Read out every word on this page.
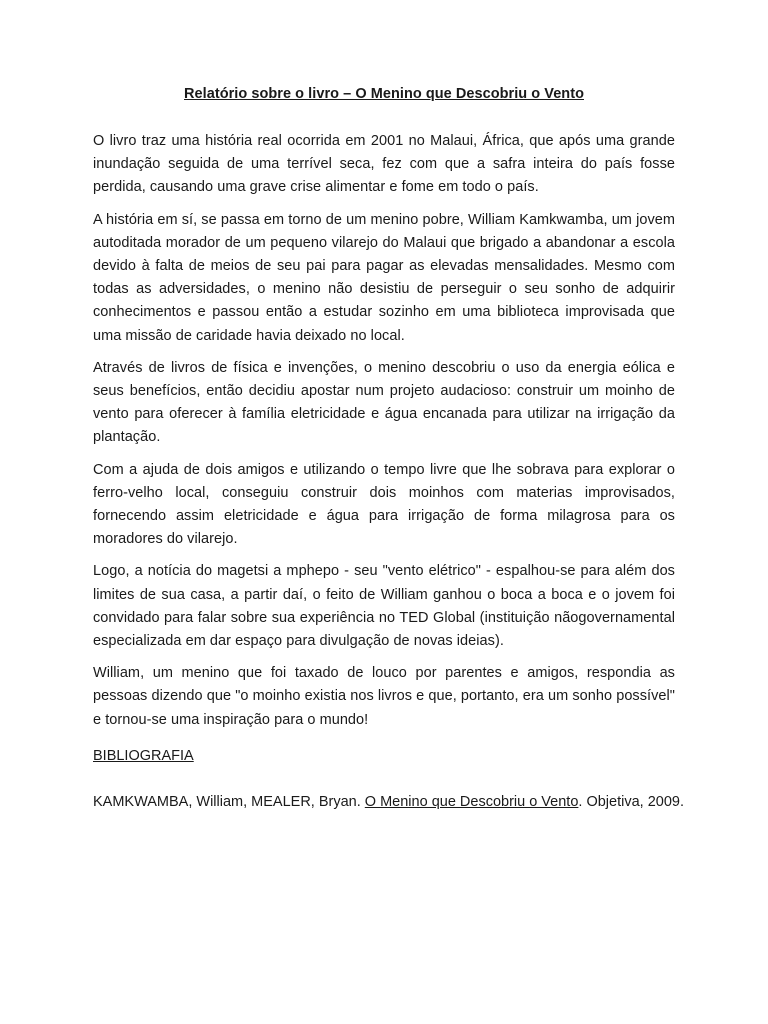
Relatório sobre o livro – O Menino que Descobriu o Vento

O livro traz uma história real ocorrida em 2001 no Malaui, África, que após uma grande inundação seguida de uma terrível seca, fez com que a safra inteira do país fosse perdida, causando uma grave crise alimentar e fome em todo o país.

A história em sí, se passa em torno de um menino pobre, William Kamkwamba, um jovem autoditada morador de um pequeno vilarejo do Malaui que brigado a abandonar a escola devido à falta de meios de seu pai para pagar as elevadas mensalidades. Mesmo com todas as adversidades, o menino não desistiu de perseguir o seu sonho de adquirir conhecimentos e passou então a estudar sozinho em uma biblioteca improvisada que uma missão de caridade havia deixado no local.

Através de livros de física e invenções, o menino descobriu o uso da energia eólica e seus benefícios, então decidiu apostar num projeto audacioso: construir um moinho de vento para oferecer à família eletricidade e água encanada para utilizar na irrigação da plantação.

Com a ajuda de dois amigos e utilizando o tempo livre que lhe sobrava para explorar o ferro-velho local, conseguiu construir dois moinhos com materias improvisados, fornecendo assim eletricidade e água para irrigação de forma milagrosa para os moradores do vilarejo.

Logo, a notícia do magetsi a mphepo - seu "vento elétrico" - espalhou-se para além dos limites de sua casa, a partir daí, o feito de William ganhou o boca a boca e o jovem foi convidado para falar sobre sua experiência no TED Global (instituição nãogovernamental especializada em dar espaço para divulgação de novas ideias).

William, um menino que foi taxado de louco por parentes e amigos, respondia as pessoas dizendo que "o moinho existia nos livros e que, portanto, era um sonho possível" e tornou-se uma inspiração para o mundo!

BIBLIOGRAFIA

KAMKWAMBA, William, MEALER, Bryan. O Menino que Descobriu o Vento. Objetiva, 2009.
